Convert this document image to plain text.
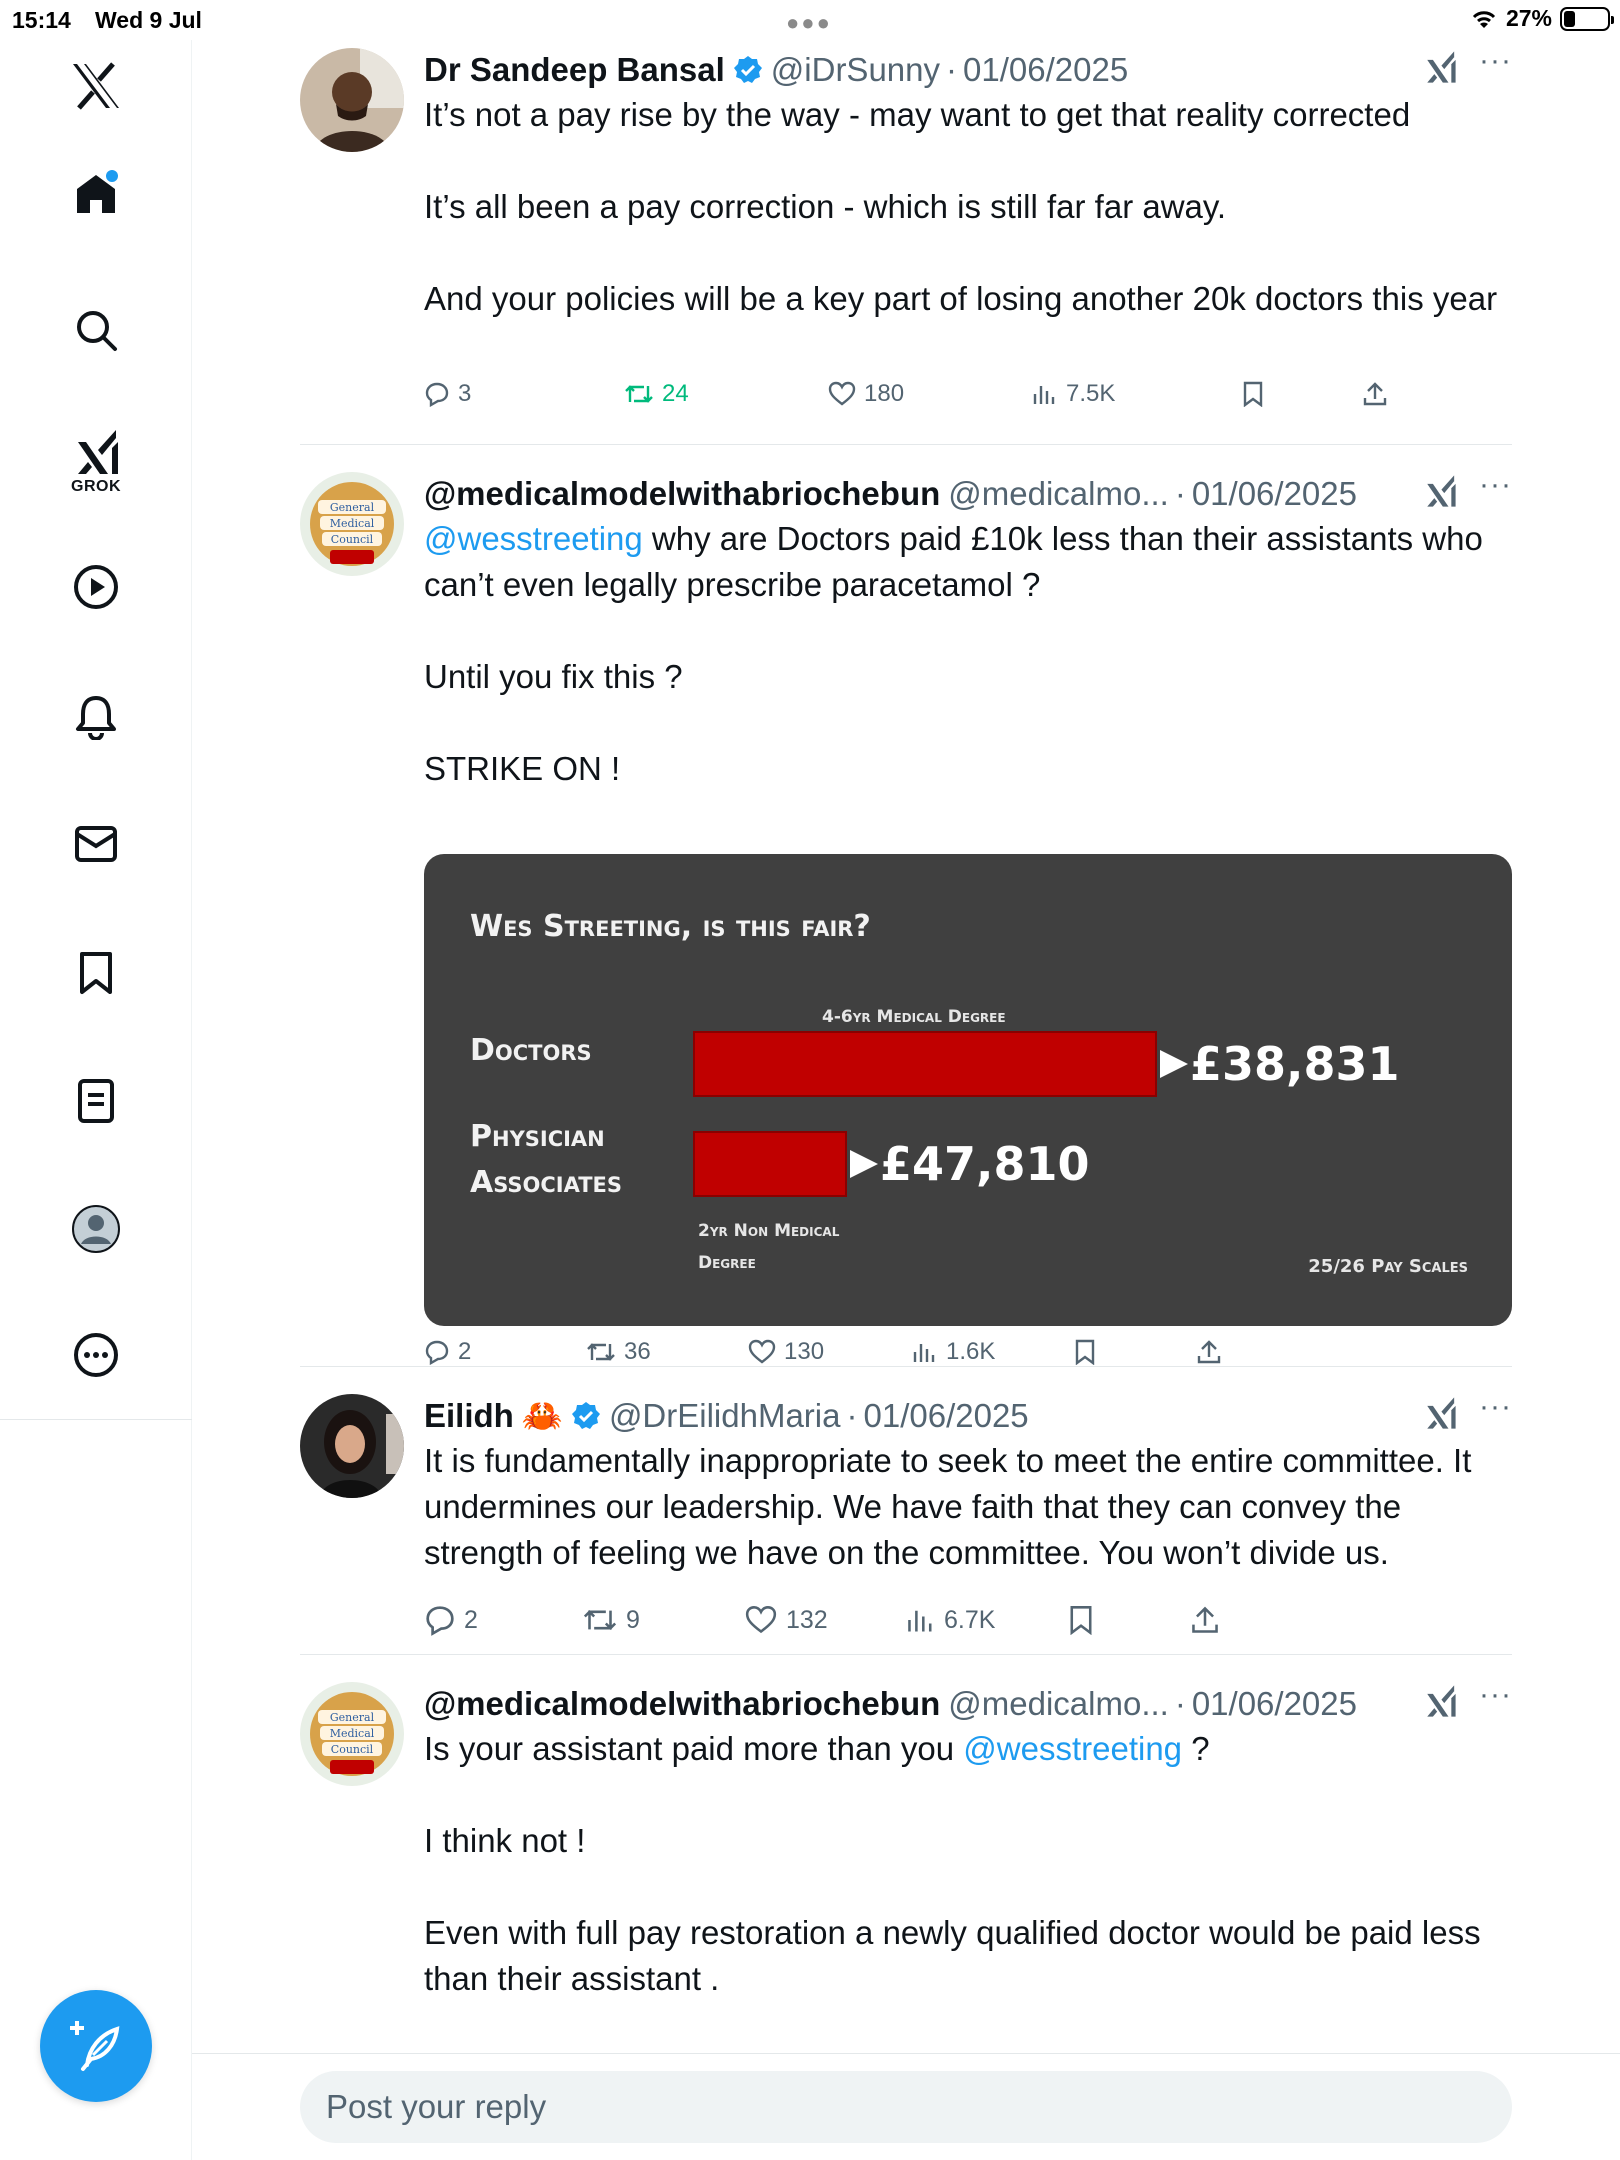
15:14 Wed 9 Jul	●●●	27%
GROK
Dr Sandeep Bansal @iDrSunny · 01/06/2025	···
It’s not a pay rise by the way - may want to get that reality corrected

It’s all been a pay correction - which is still far far away.

And your policies will be a key part of losing another 20k doctors this year
3	24	180	7.5K
General
Medical
Council
@medicalmodelwithabriochebun @medicalmo... · 01/06/2025	···
@wesstreeting why are Doctors paid £10k less than their assistants who can’t even legally prescribe paracetamol ?

Until you fix this ?

STRIKE ON !
Wes Streeting, is this fair?
Doctors
Physician
Associates
£38,831
£47,810
4-6yr Medical Degree
2yr Non Medical
Degree	25/26 Pay Scales
2	36	130	1.6K
Eilidh 🦀 @DrEilidhMaria · 01/06/2025	···
It is fundamentally inappropriate to seek to meet the entire committee. It undermines our leadership. We have faith that they can convey the strength of feeling we have on the committee. You won’t divide us.
2	9	132	6.7K
General
Medical
Council
@medicalmodelwithabriochebun @medicalmo... · 01/06/2025	···
Is your assistant paid more than you @wesstreeting ?

I think not !

Even with full pay restoration a newly qualified doctor would be paid less than their assistant .
Post your reply
